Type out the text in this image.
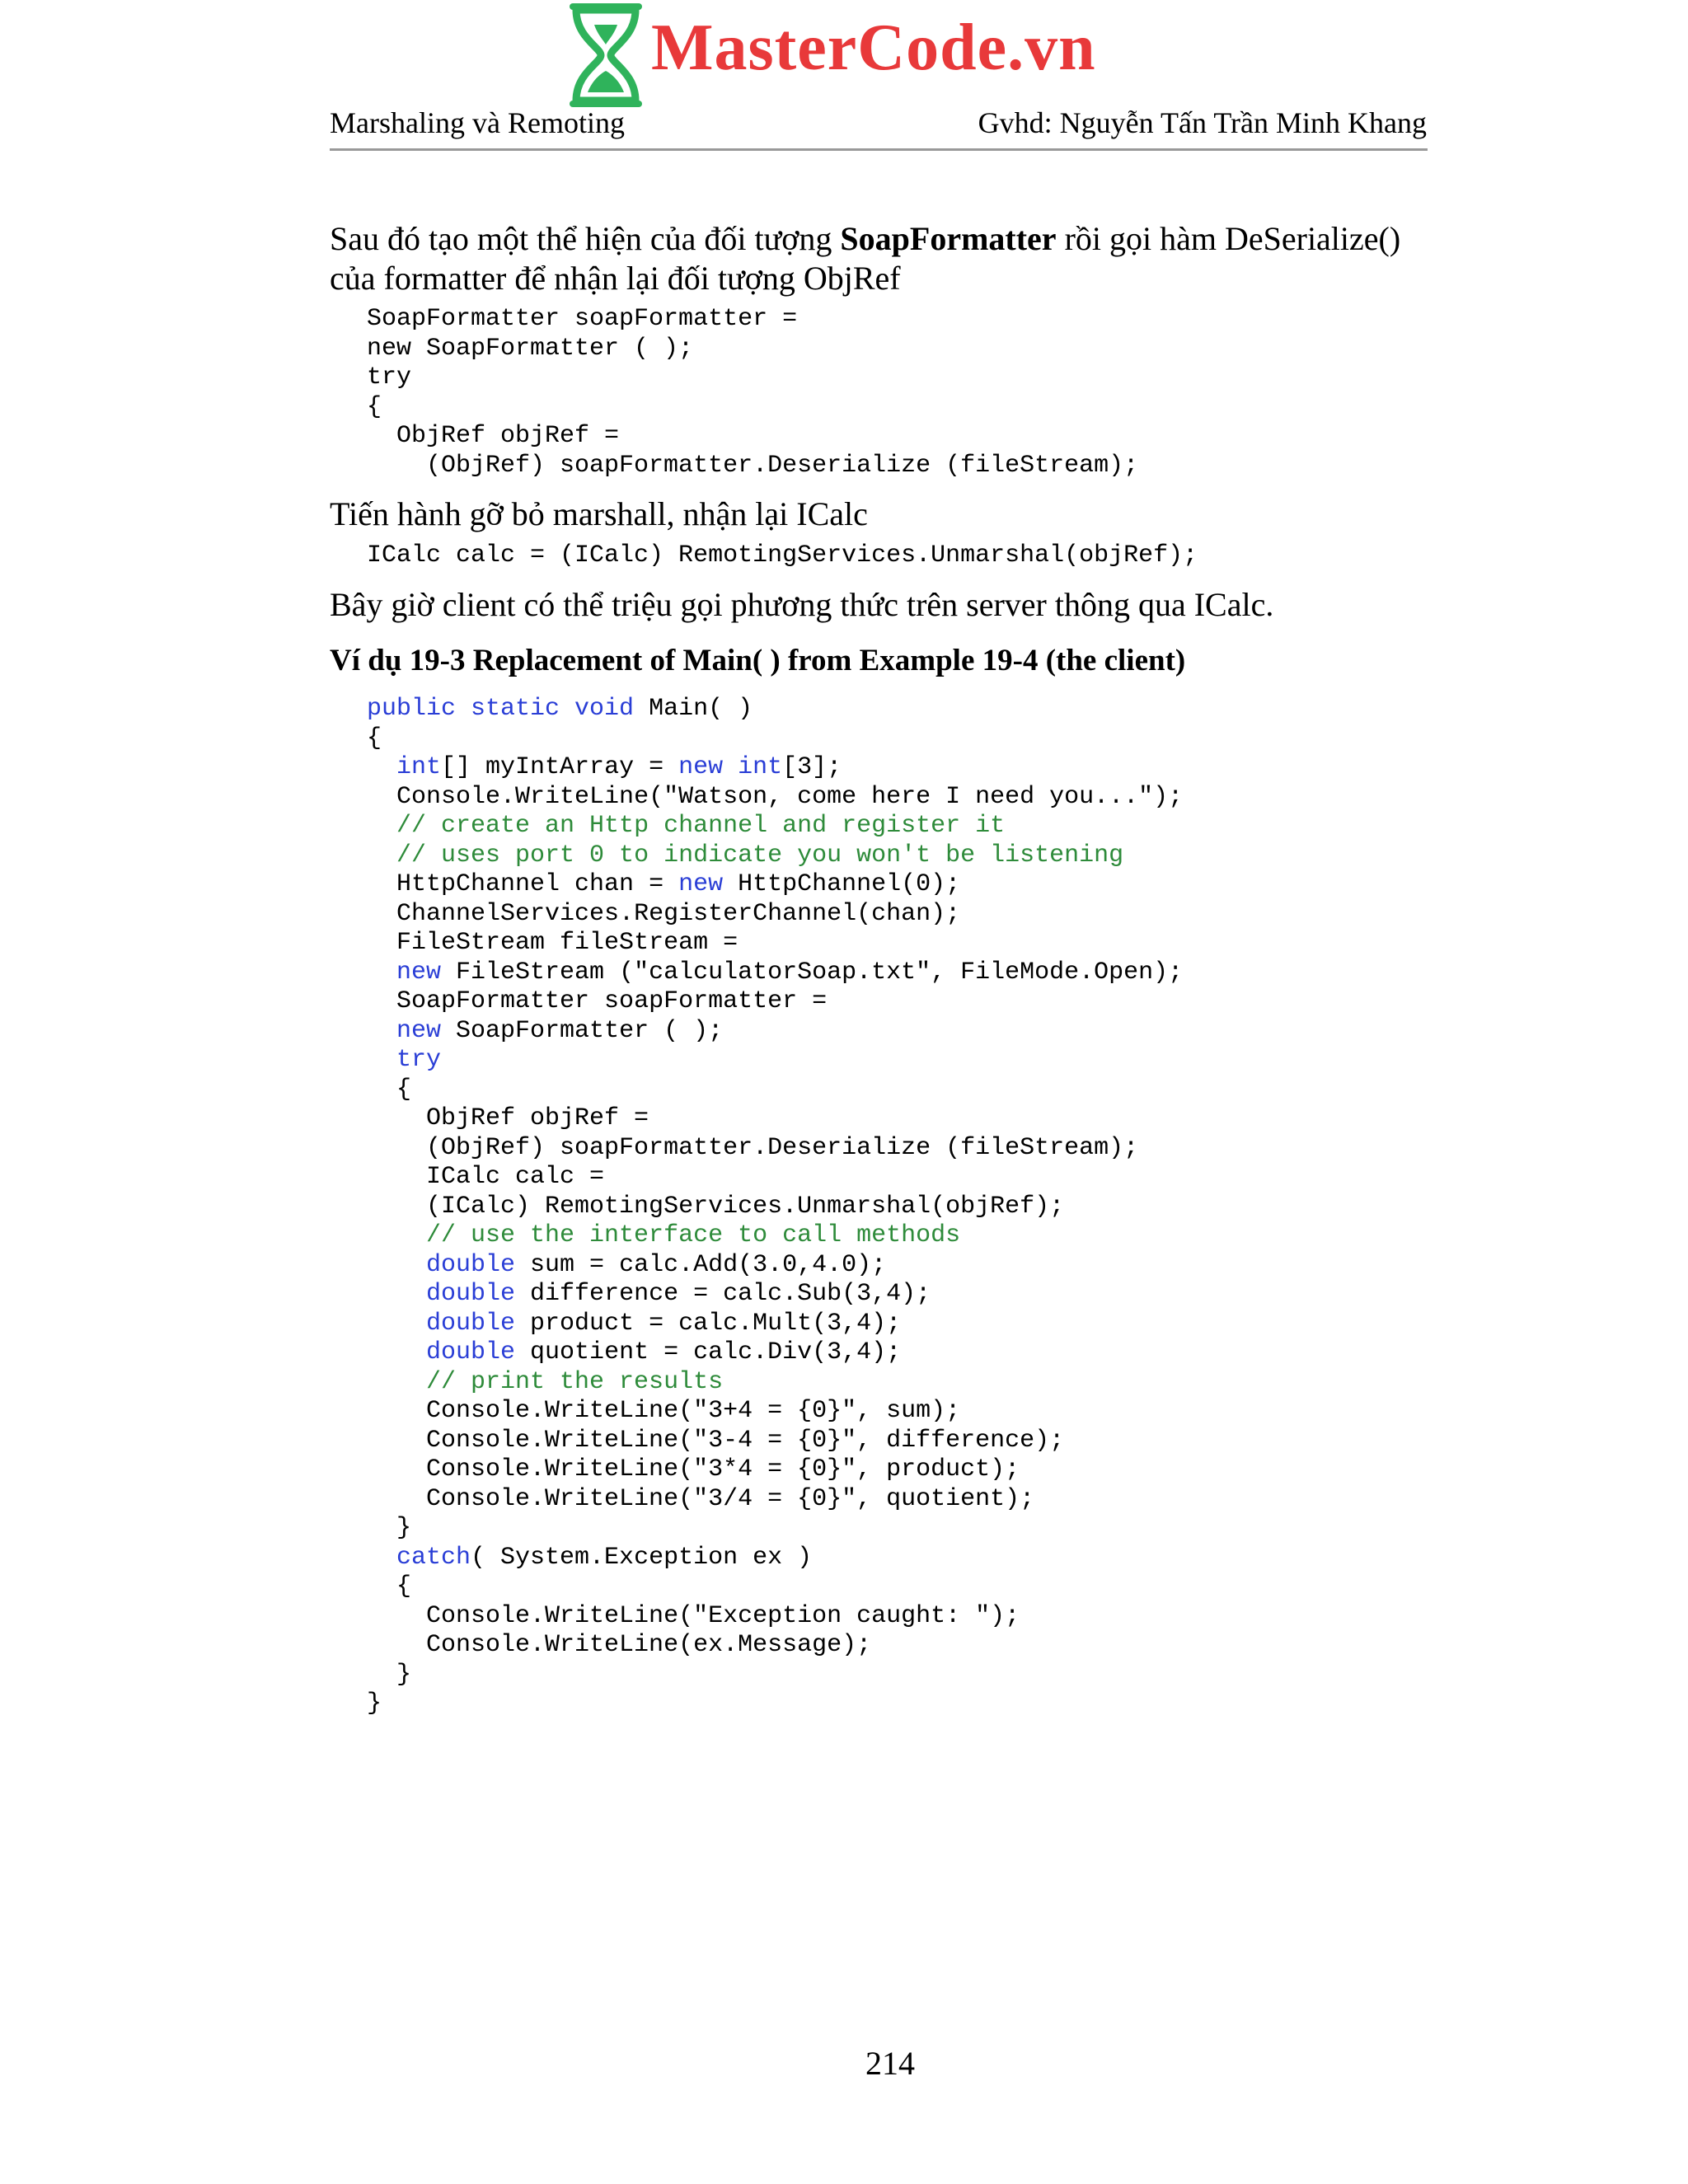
MasterCode.vn
Marshaling và Remoting	Gvhd: Nguyễn Tấn Trần Minh Khang
Sau đó tạo một thể hiện của đối tượng SoapFormatter rồi gọi hàm DeSerialize()
của formatter để nhận lại đối tượng ObjRef
SoapFormatter soapFormatter =
new SoapFormatter ( );
try
{
ObjRef objRef =
(ObjRef) soapFormatter.Deserialize (fileStream);
Tiến hành gỡ bỏ marshall, nhận lại ICalc
ICalc calc = (ICalc) RemotingServices.Unmarshal(objRef);
Bây giờ client có thể triệu gọi phương thức trên server thông qua ICalc.
Ví dụ 19-3 Replacement of Main( ) from Example 19-4 (the client)
public static void Main( )
{
int[] myIntArray = new int[3];
Console.WriteLine("Watson, come here I need you...");
// create an Http channel and register it
// uses port 0 to indicate you won't be listening
HttpChannel chan = new HttpChannel(0);
ChannelServices.RegisterChannel(chan);
FileStream fileStream =
new FileStream ("calculatorSoap.txt", FileMode.Open);
SoapFormatter soapFormatter =
new SoapFormatter ( );
try
{
ObjRef objRef =
(ObjRef) soapFormatter.Deserialize (fileStream);
ICalc calc =
(ICalc) RemotingServices.Unmarshal(objRef);
// use the interface to call methods
double sum = calc.Add(3.0,4.0);
double difference = calc.Sub(3,4);
double product = calc.Mult(3,4);
double quotient = calc.Div(3,4);
// print the results
Console.WriteLine("3+4 = {0}", sum);
Console.WriteLine("3-4 = {0}", difference);
Console.WriteLine("3*4 = {0}", product);
Console.WriteLine("3/4 = {0}", quotient);
}
catch( System.Exception ex )
{
Console.WriteLine("Exception caught: ");
Console.WriteLine(ex.Message);
}
}
214
